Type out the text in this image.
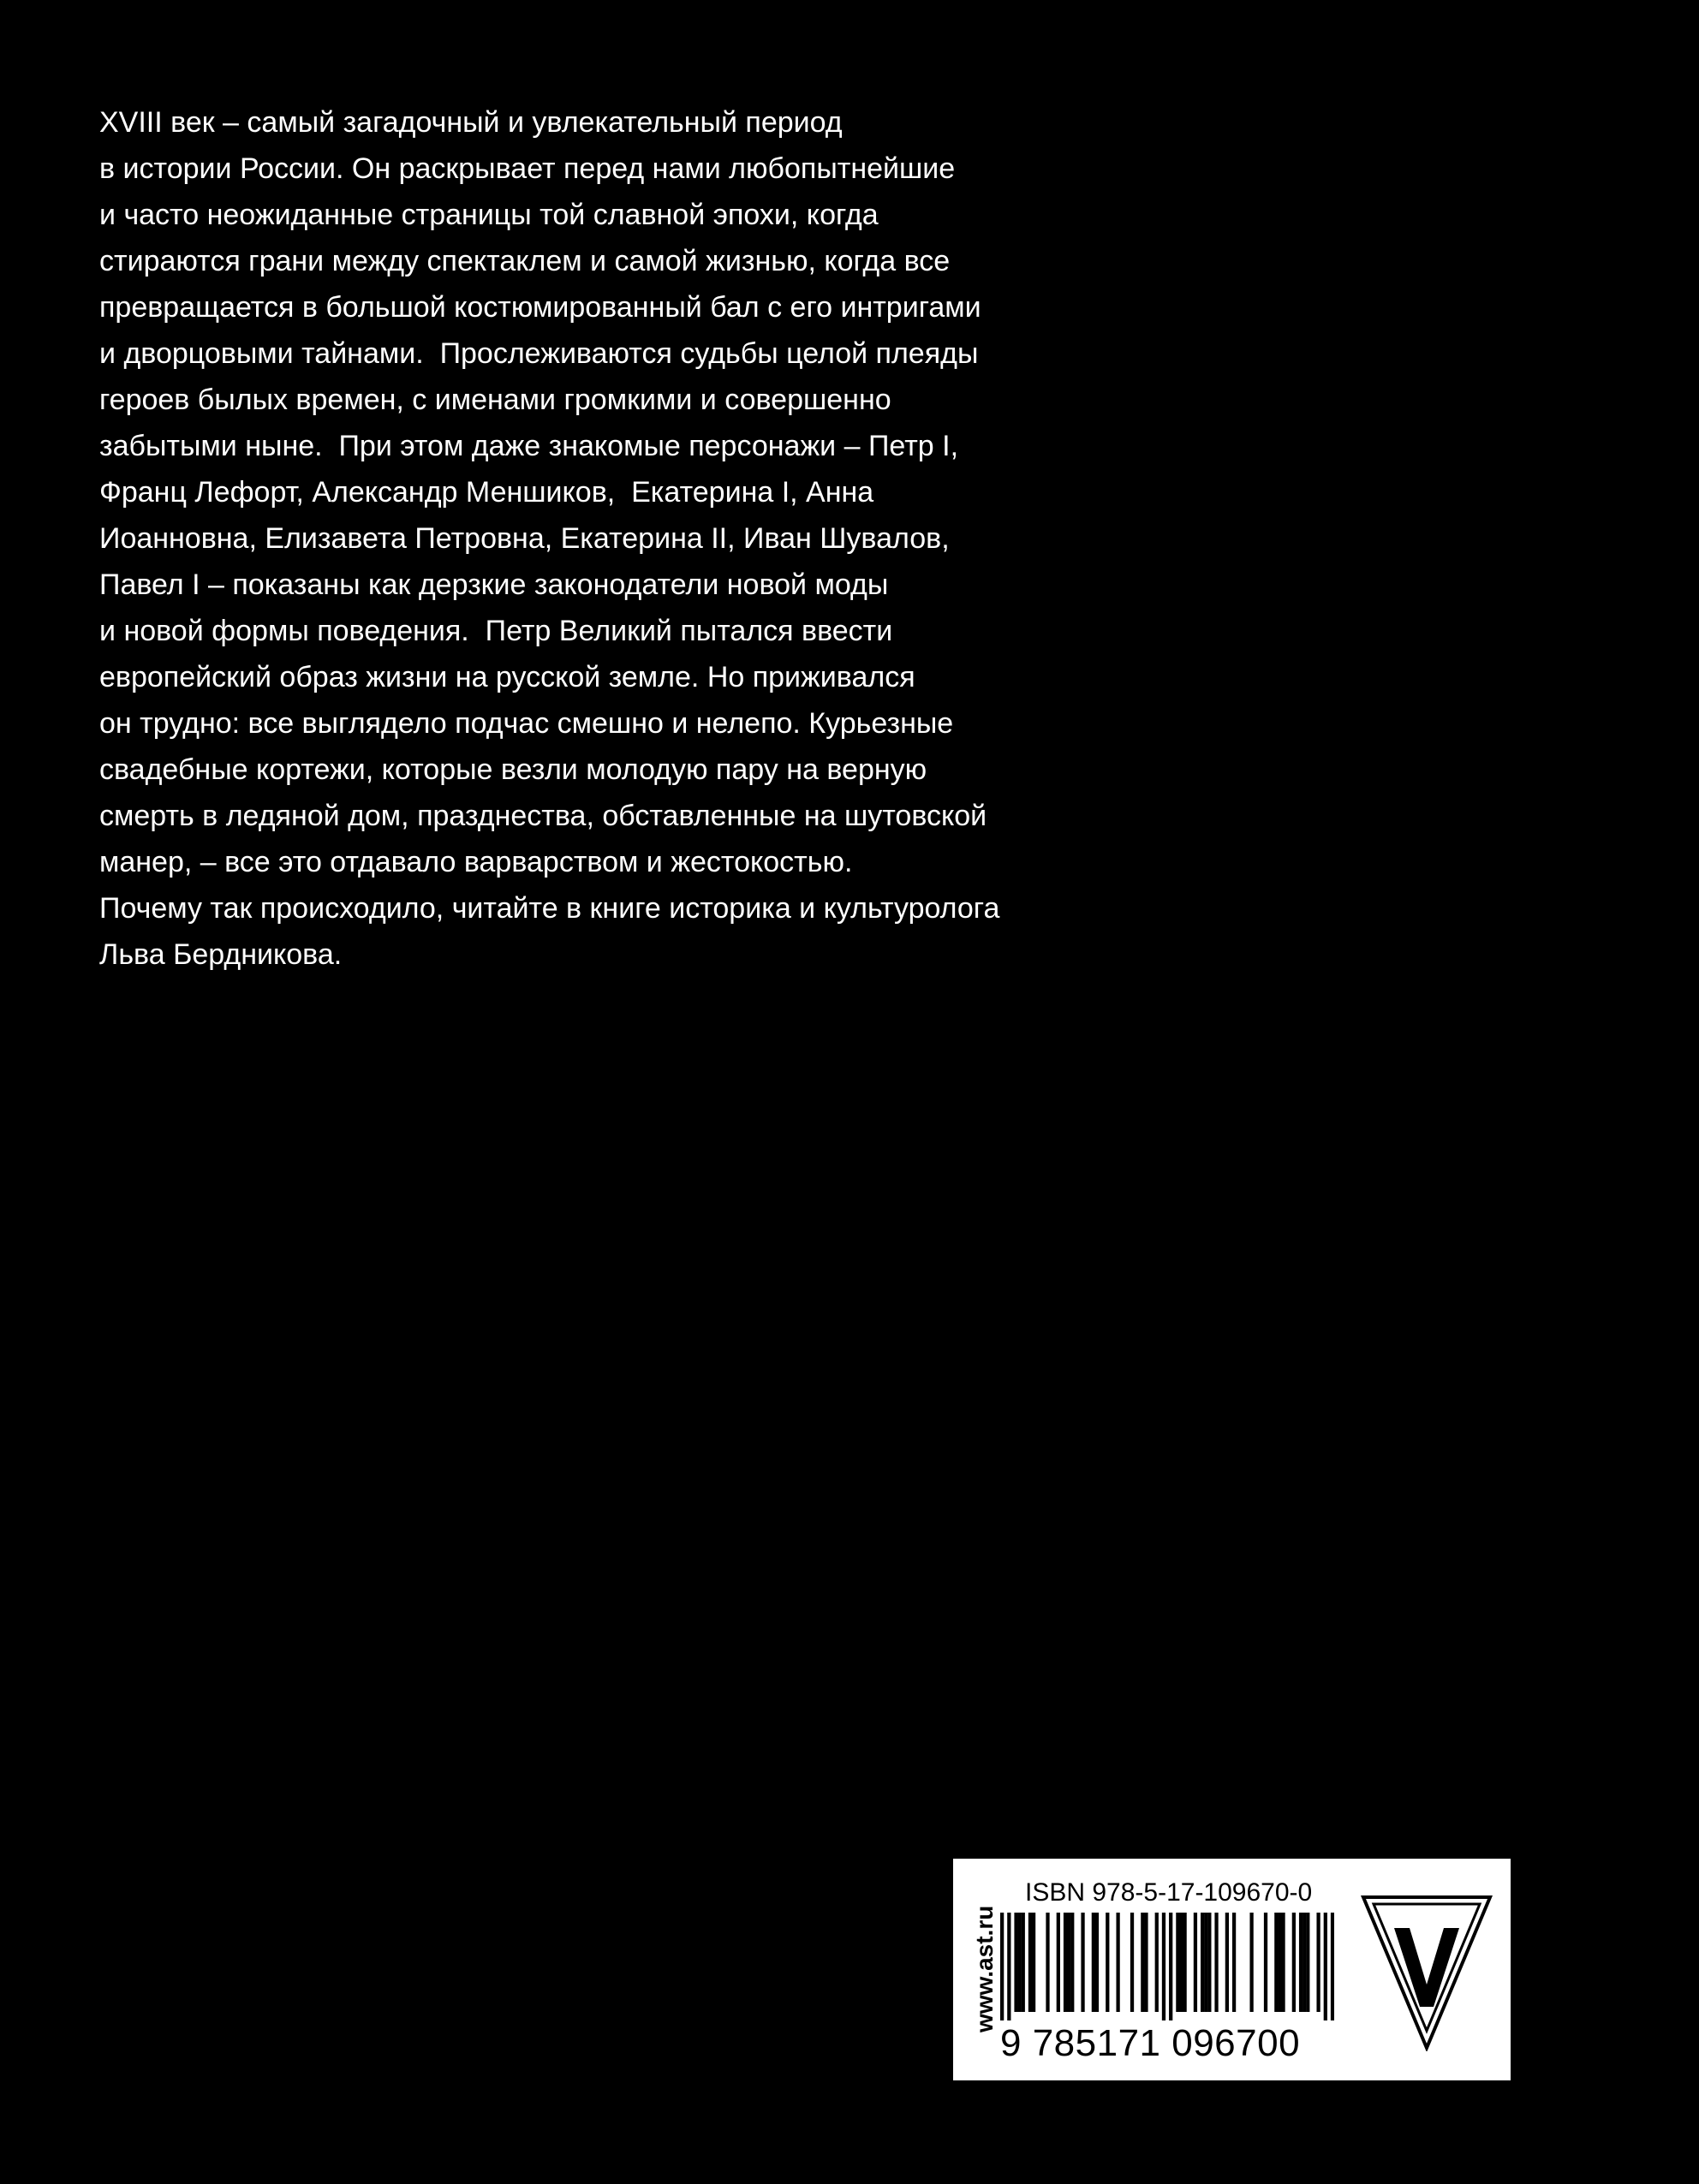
XVIII век – самый загадочный и увлекательный период
в истории России. Он раскрывает перед нами любопытнейшие
и часто неожиданные страницы той славной эпохи, когда
стираются грани между спектаклем и самой жизнью, когда все
превращается в большой костюмированный бал с его интригами
и дворцовыми тайнами.  Прослеживаются судьбы целой плеяды
героев былых времен, с именами громкими и совершенно
забытыми ныне.  При этом даже знакомые персонажи – Петр I,
Франц Лефорт, Александр Меншиков,  Екатерина I, Анна
Иоанновна, Елизавета Петровна, Екатерина II, Иван Шувалов,
Павел I – показаны как дерзкие законодатели новой моды
и новой формы поведения.  Петр Великий пытался ввести
европейский образ жизни на русской земле. Но приживался
он трудно: все выглядело подчас смешно и нелепо. Курьезные
свадебные кортежи, которые везли молодую пару на верную
смерть в ледяной дом, празднества, обставленные на шутовской
манер, – все это отдавало варварством и жестокостью.
Почему так происходило, читайте в книге историка и культуролога
Льва Бердникова.
www.ast.ru
ISBN 978-5-17-109670-0
9 785171 096700
